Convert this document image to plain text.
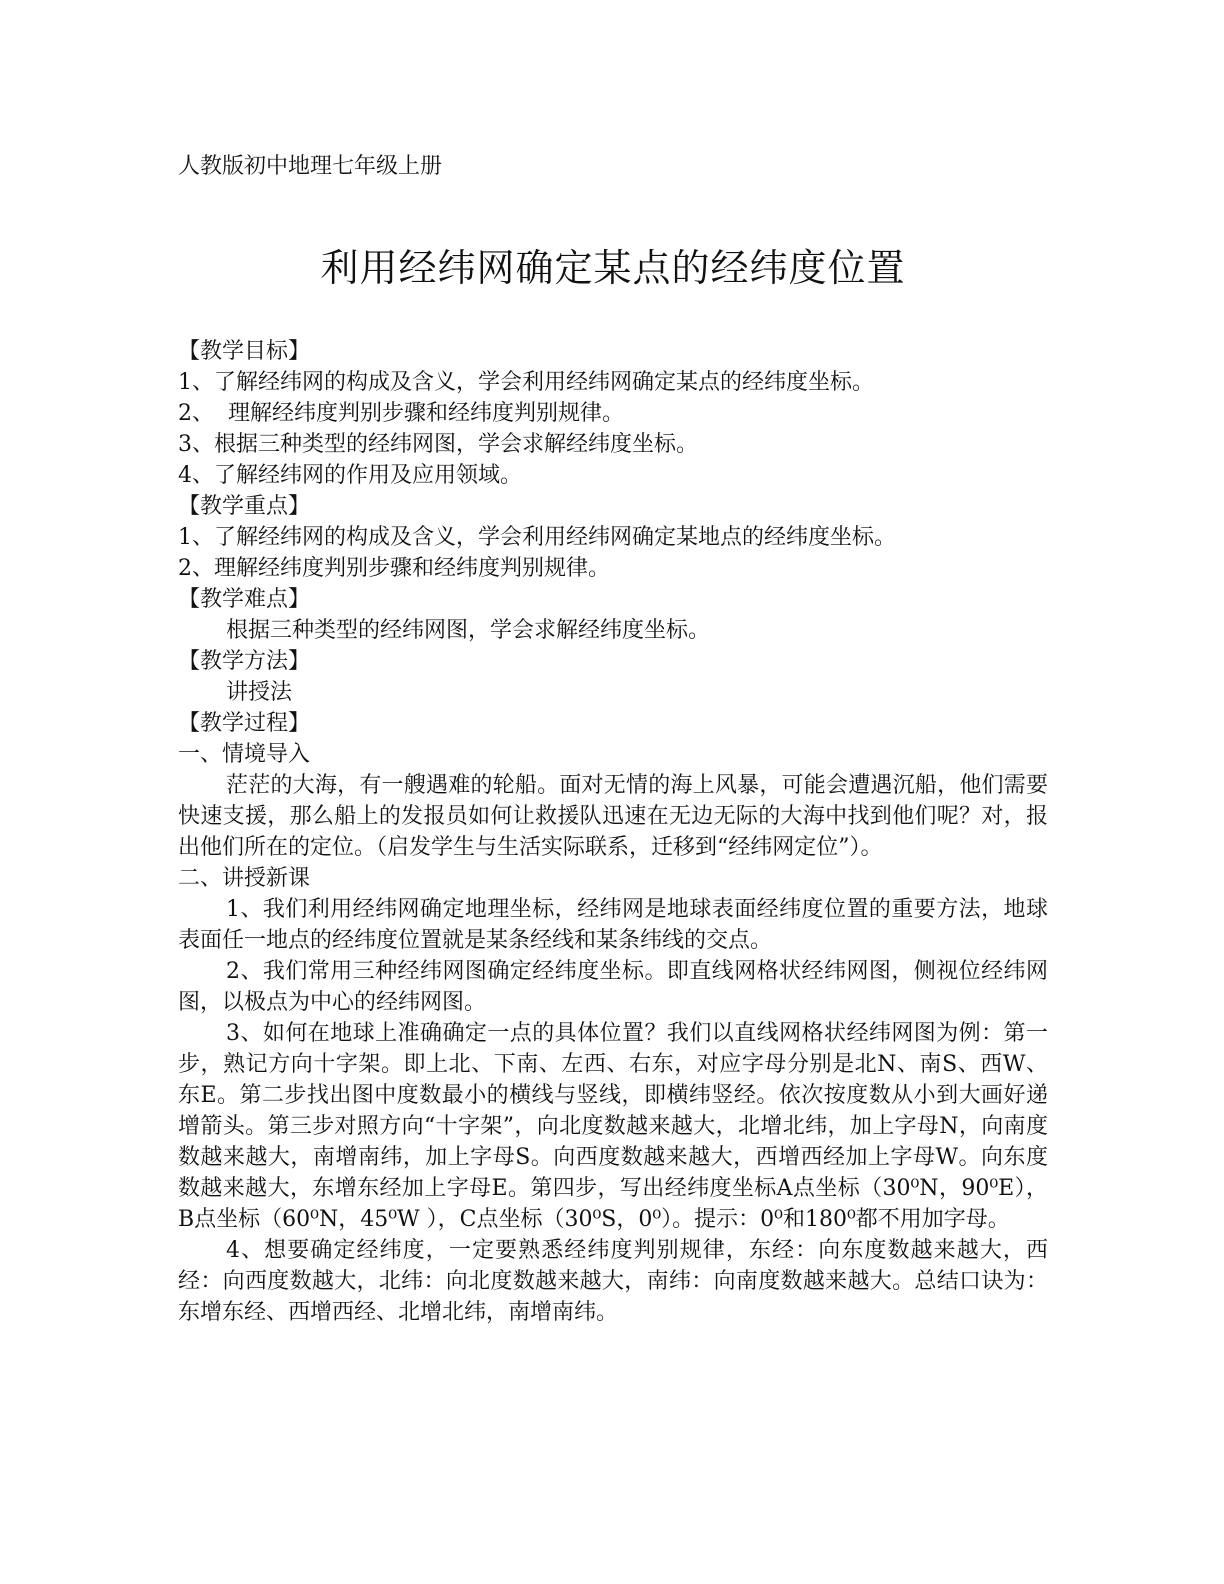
人教版初中地理七年级上册

利用经纬网确定某点的经纬度位置

【教学目标】

1、了解经纬网的构成及含义，学会利用经纬网确定某点的经纬度坐标。

2、  理解经纬度判别步骤和经纬度判别规律。

3、根据三种类型的经纬网图，学会求解经纬度坐标。

4、了解经纬网的作用及应用领域。

【教学重点】

1、了解经纬网的构成及含义，学会利用经纬网确定某地点的经纬度坐标。

2、理解经纬度判别步骤和经纬度判别规律。

【教学难点】

根据三种类型的经纬网图，学会求解经纬度坐标。

【教学方法】

讲授法

【教学过程】

一、情境导入

茫茫的大海，有一艘遇难的轮船。面对无情的海上风暴，可能会遭遇沉船，他们需要快速支援，那么船上的发报员如何让救援队迅速在无边无际的大海中找到他们呢？对，报出他们所在的定位。（启发学生与生活实际联系，迁移到“经纬网定位”）。

二、讲授新课

1、我们利用经纬网确定地理坐标，经纬网是地球表面经纬度位置的重要方法，地球表面任一地点的经纬度位置就是某条经线和某条纬线的交点。

2、我们常用三种经纬网图确定经纬度坐标。即直线网格状经纬网图，侧视位经纬网图，以极点为中心的经纬网图。

3、如何在地球上准确确定一点的具体位置？我们以直线网格状经纬网图为例：第一步，熟记方向十字架。即上北、下南、左西、右东，对应字母分别是北N、南S、西W、东E。第二步找出图中度数最小的横线与竖线，即横纬竖经。依次按度数从小到大画好递增箭头。第三步对照方向“十字架”，向北度数越来越大，北增北纬，加上字母N，向南度数越来越大，南增南纬，加上字母S。向西度数越来越大，西增西经加上字母W。向东度数越来越大，东增东经加上字母E。第四步，写出经纬度坐标A点坐标（30⁰N，90⁰E），B点坐标（60⁰N，45⁰W ），C点坐标（30⁰S，0⁰）。提示：0⁰和180⁰都不用加字母。

4、想要确定经纬度，一定要熟悉经纬度判别规律，东经：向东度数越来越大，西经：向西度数越大，北纬：向北度数越来越大，南纬：向南度数越来越大。总结口诀为：东增东经、西增西经、北增北纬，南增南纬。
